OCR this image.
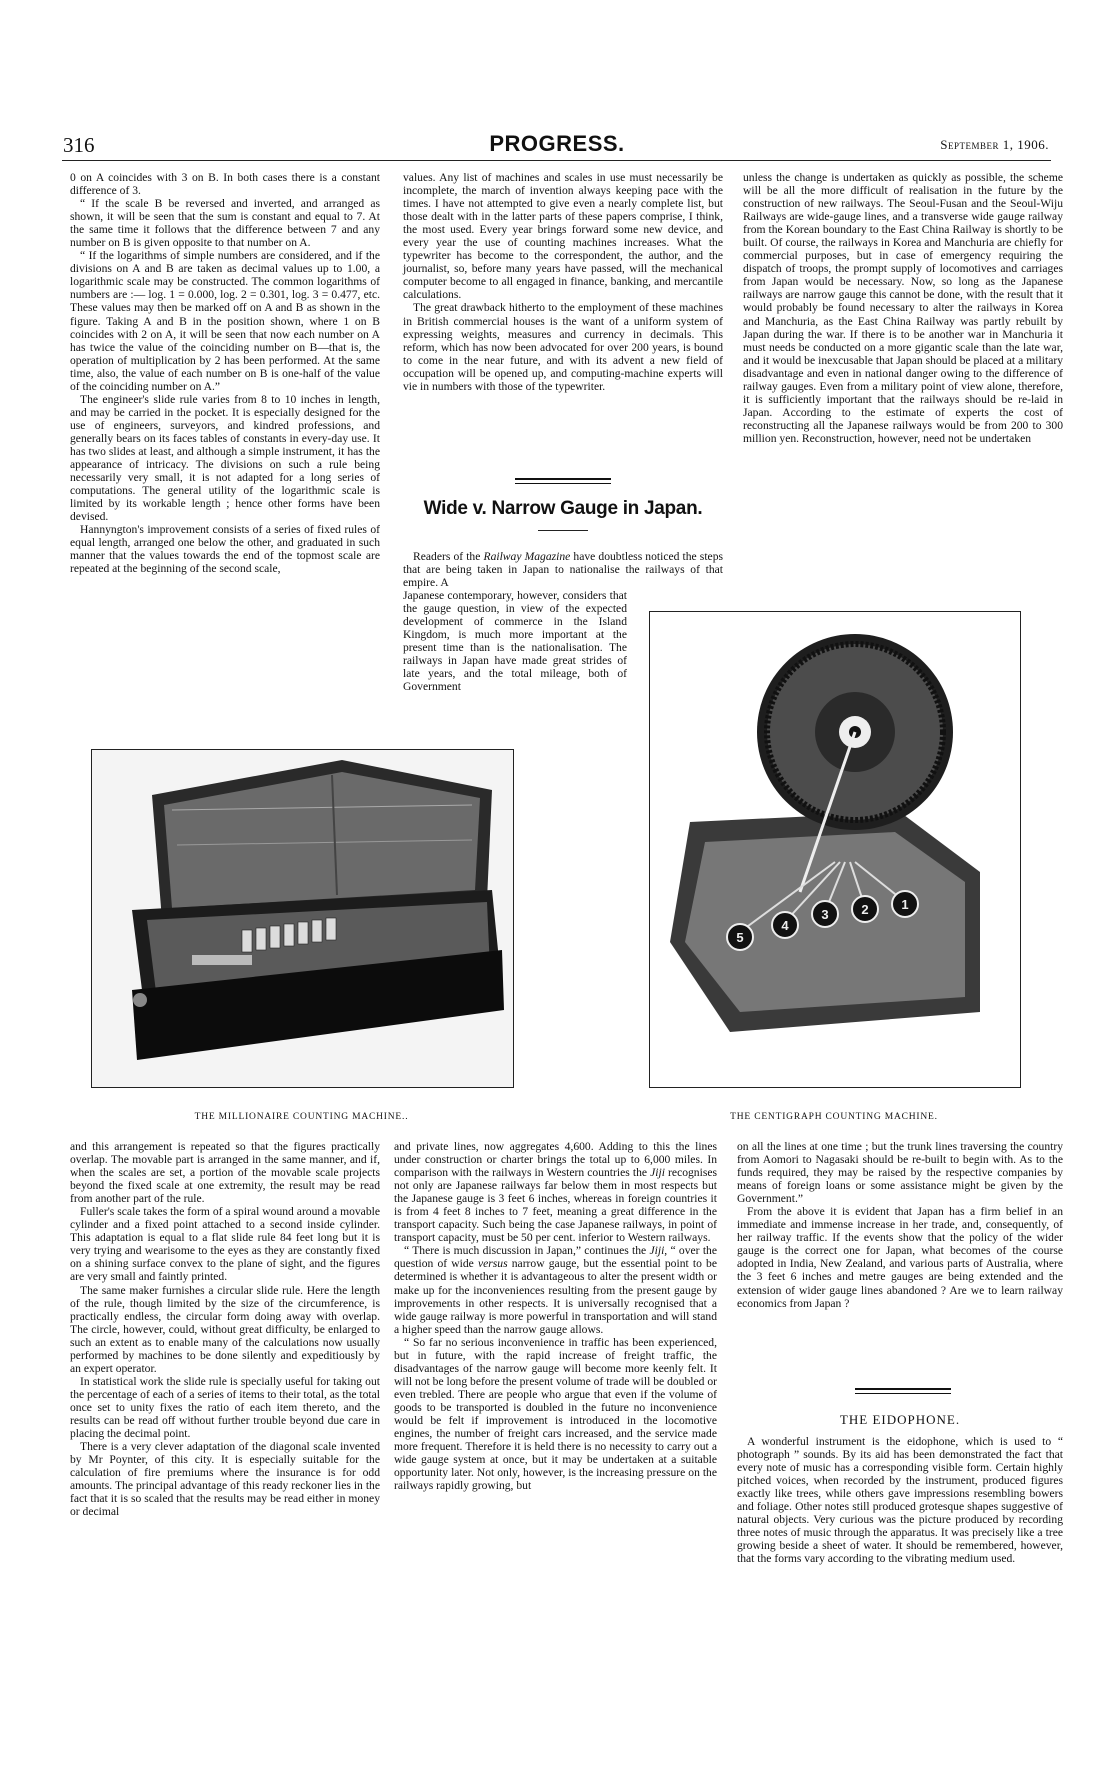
316	PROGRESS.	September 1, 1906.

0 on A coincides with 3 on B. In both cases there is a constant difference of 3.

“ If the scale B be reversed and inverted, and arranged as shown, it will be seen that the sum is constant and equal to 7. At the same time it follows that the difference between 7 and any number on B is given opposite to that number on A.

“ If the logarithms of simple numbers are considered, and if the divisions on A and B are taken as decimal values up to 1.00, a logarithmic scale may be constructed. The common logarithms of numbers are :— log. 1 = 0.000, log. 2 = 0.301, log. 3 = 0.477, etc. These values may then be marked off on A and B as shown in the figure. Taking A and B in the position shown, where 1 on B coincides with 2 on A, it will be seen that now each number on A has twice the value of the coinciding number on B—that is, the operation of multiplication by 2 has been performed. At the same time, also, the value of each number on B is one-half of the value of the coinciding number on A.”

The engineer's slide rule varies from 8 to 10 inches in length, and may be carried in the pocket. It is especially designed for the use of engineers, surveyors, and kindred professions, and generally bears on its faces tables of constants in every-day use. It has two slides at least, and although a simple instrument, it has the appearance of intricacy. The divisions on such a rule being necessarily very small, it is not adapted for a long series of computations. The general utility of the logarithmic scale is limited by its workable length ; hence other forms have been devised.

Hannyngton's improvement consists of a series of fixed rules of equal length, arranged one below the other, and graduated in such manner that the values towards the end of the topmost scale are repeated at the beginning of the second scale,

values. Any list of machines and scales in use must necessarily be incomplete, the march of invention always keeping pace with the times. I have not attempted to give even a nearly complete list, but those dealt with in the latter parts of these papers comprise, I think, the most used. Every year brings forward some new device, and every year the use of counting machines increases. What the typewriter has become to the correspondent, the author, and the journalist, so, before many years have passed, will the mechanical computer become to all engaged in finance, banking, and mercantile calculations.

The great drawback hitherto to the employment of these machines in British commercial houses is the want of a uniform system of expressing weights, measures and currency in decimals. This reform, which has now been advocated for over 200 years, is bound to come in the near future, and with its advent a new field of occupation will be opened up, and computing-machine experts will vie in numbers with those of the typewriter.

Wide v. Narrow Gauge in Japan.

Readers of the Railway Magazine have doubtless noticed the steps that are being taken in Japan to nationalise the railways of that empire. A

Japanese contemporary, however, considers that the gauge question, in view of the expected development of commerce in the Island Kingdom, is much more important at the present time than is the nationalisation. The railways in Japan have made great strides of late years, and the total mileage, both of Government

unless the change is undertaken as quickly as possible, the scheme will be all the more difficult of realisation in the future by the construction of new railways. The Seoul-Fusan and the Seoul-Wiju Railways are wide-gauge lines, and a transverse wide gauge railway from the Korean boundary to the East China Railway is shortly to be built. Of course, the railways in Korea and Manchuria are chiefly for commercial purposes, but in case of emergency requiring the dispatch of troops, the prompt supply of locomotives and carriages from Japan would be necessary. Now, so long as the Japanese railways are narrow gauge this cannot be done, with the result that it would probably be found necessary to alter the railways in Korea and Manchuria, as the East China Railway was partly rebuilt by Japan during the war. If there is to be another war in Manchuria it must needs be conducted on a more gigantic scale than the late war, and it would be inexcusable that Japan should be placed at a military disadvantage and even in national danger owing to the difference of railway gauges. Even from a military point of view alone, therefore, it is sufficiently important that the railways should be re-laid in Japan. According to the estimate of experts the cost of reconstructing all the Japanese railways would be from 200 to 300 million yen. Reconstruction, however, need not be undertaken

THE MILLIONAIRE COUNTING MACHINE..
5
4
3	2	1
THE CENTIGRAPH COUNTING MACHINE.

and this arrangement is repeated so that the figures practically overlap. The movable part is arranged in the same manner, and if, when the scales are set, a portion of the movable scale projects beyond the fixed scale at one extremity, the result may be read from another part of the rule.

Fuller's scale takes the form of a spiral wound around a movable cylinder and a fixed point attached to a second inside cylinder. This adaptation is equal to a flat slide rule 84 feet long but it is very trying and wearisome to the eyes as they are constantly fixed on a shining surface convex to the plane of sight, and the figures are very small and faintly printed.

The same maker furnishes a circular slide rule. Here the length of the rule, though limited by the size of the circumference, is practically endless, the circular form doing away with overlap. The circle, however, could, without great difficulty, be enlarged to such an extent as to enable many of the calculations now usually performed by machines to be done silently and expeditiously by an expert operator.

In statistical work the slide rule is specially useful for taking out the percentage of each of a series of items to their total, as the total once set to unity fixes the ratio of each item thereto, and the results can be read off without further trouble beyond due care in placing the decimal point.

There is a very clever adaptation of the diagonal scale invented by Mr Poynter, of this city. It is especially suitable for the calculation of fire premiums where the insurance is for odd amounts. The principal advantage of this ready reckoner lies in the fact that it is so scaled that the results may be read either in money or decimal

and private lines, now aggregates 4,600. Adding to this the lines under construction or charter brings the total up to 6,000 miles. In comparison with the railways in Western countries the Jiji recognises not only are Japanese railways far below them in most respects but the Japanese gauge is 3 feet 6 inches, whereas in foreign countries it is from 4 feet 8 inches to 7 feet, meaning a great difference in the transport capacity. Such being the case Japanese railways, in point of transport capacity, must be 50 per cent. inferior to Western railways.

“ There is much discussion in Japan,” continues the Jiji, “ over the question of wide versus narrow gauge, but the essential point to be determined is whether it is advantageous to alter the present width or make up for the inconveniences resulting from the present gauge by improvements in other respects. It is universally recognised that a wide gauge railway is more powerful in transportation and will stand a higher speed than the narrow gauge allows.

“ So far no serious inconvenience in traffic has been experienced, but in future, with the rapid increase of freight traffic, the disadvantages of the narrow gauge will become more keenly felt. It will not be long before the present volume of trade will be doubled or even trebled. There are people who argue that even if the volume of goods to be transported is doubled in the future no inconvenience would be felt if improvement is introduced in the locomotive engines, the number of freight cars increased, and the service made more frequent. Therefore it is held there is no necessity to carry out a wide gauge system at once, but it may be undertaken at a suitable opportunity later. Not only, however, is the increasing pressure on the railways rapidly growing, but

on all the lines at one time ; but the trunk lines traversing the country from Aomori to Nagasaki should be re-built to begin with. As to the funds required, they may be raised by the respective companies by means of foreign loans or some assistance might be given by the Government.”

From the above it is evident that Japan has a firm belief in an immediate and immense increase in her trade, and, consequently, of her railway traffic. If the events show that the policy of the wider gauge is the correct one for Japan, what becomes of the course adopted in India, New Zealand, and various parts of Australia, where the 3 feet 6 inches and metre gauges are being extended and the extension of wider gauge lines abandoned ? Are we to learn railway economics from Japan ?

THE EIDOPHONE.

A wonderful instrument is the eidophone, which is used to “ photograph ” sounds. By its aid has been demonstrated the fact that every note of music has a corresponding visible form. Certain highly pitched voices, when recorded by the instrument, produced figures exactly like trees, while others gave impressions resembling bowers and foliage. Other notes still produced grotesque shapes suggestive of natural objects. Very curious was the picture produced by recording three notes of music through the apparatus. It was precisely like a tree growing beside a sheet of water. It should be remembered, however, that the forms vary according to the vibrating medium used.
